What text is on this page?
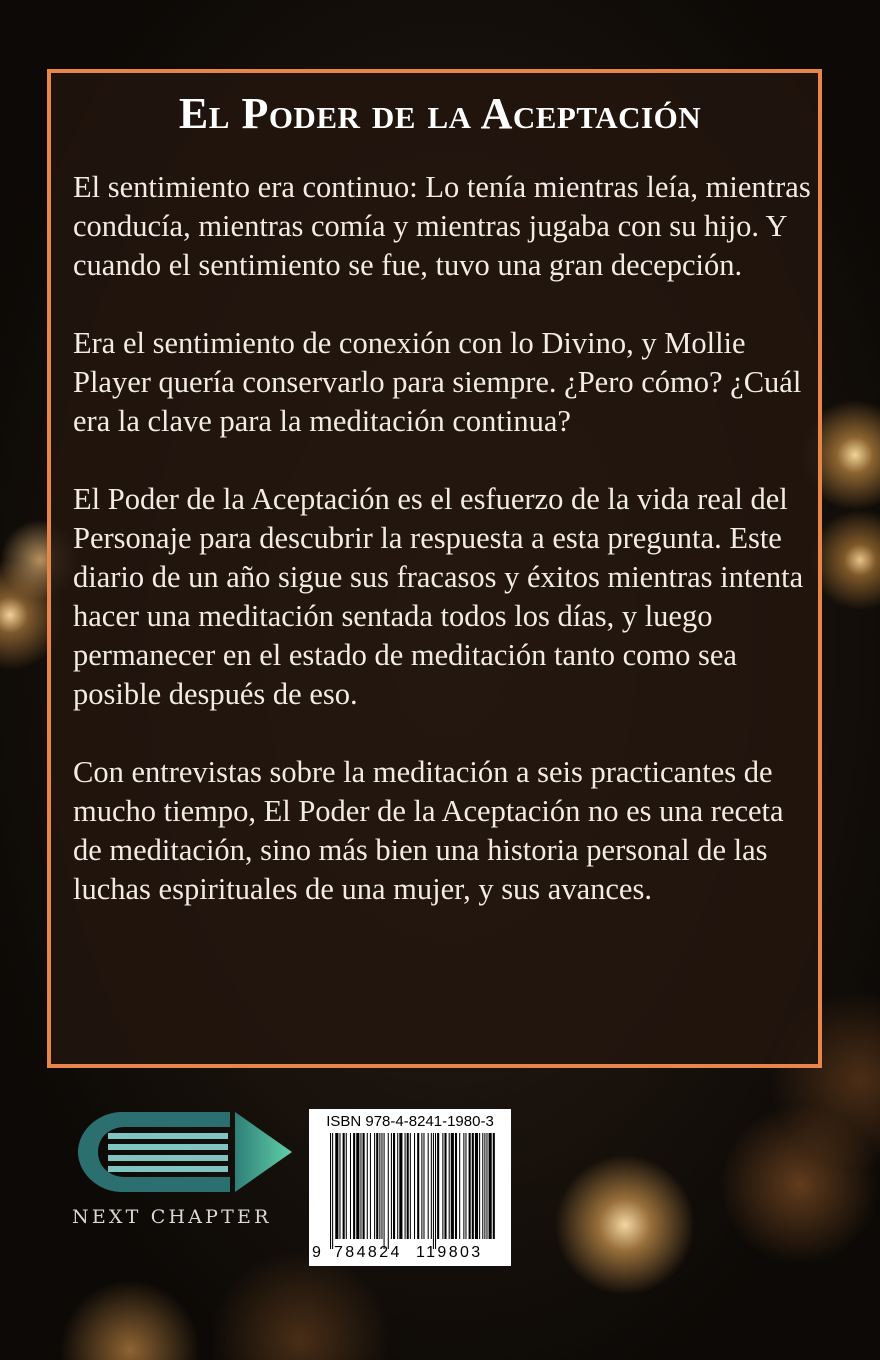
El Poder de la Aceptación

El sentimiento era continuo: Lo tenía mientras leía, mientras conducía, mientras comía y mientras jugaba con su hijo. Y cuando el sentimiento se fue, tuvo una gran decepción.

Era el sentimiento de conexión con lo Divino, y Mollie Player quería conservarlo para siempre. ¿Pero cómo? ¿Cuál era la clave para la meditación continua?

El Poder de la Aceptación es el esfuerzo de la vida real del Personaje para descubrir la respuesta a esta pregunta. Este diario de un año sigue sus fracasos y éxitos mientras intenta hacer una meditación sentada todos los días, y luego permanecer en el estado de meditación tanto como sea posible después de eso.

Con entrevistas sobre la meditación a seis practicantes de mucho tiempo, El Poder de la Aceptación no es una receta de meditación, sino más bien una historia personal de las luchas espirituales de una mujer, y sus avances.

NEXT CHAPTER
ISBN 978-4-8241-1980-3
9 784824 119803
